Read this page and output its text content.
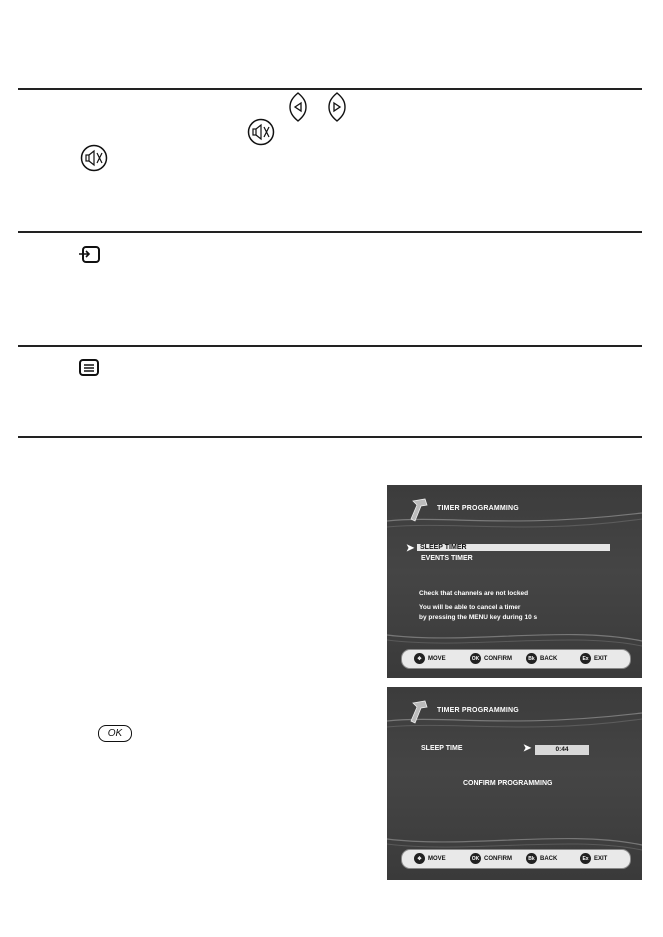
OK
TIMER PROGRAMMING
➤ SLEEP TIMER
EVENTS TIMER
Check that channels are not locked
You will be able to cancel a timer
by pressing the MENU key during 10 s
✥	MOVE	OK CONFIRM	Bk BACK	Ex EXIT
TIMER PROGRAMMING
SLEEP TIME	➤	0:44
CONFIRM PROGRAMMING
✥	MOVE	OK CONFIRM	Bk BACK	Ex EXIT
